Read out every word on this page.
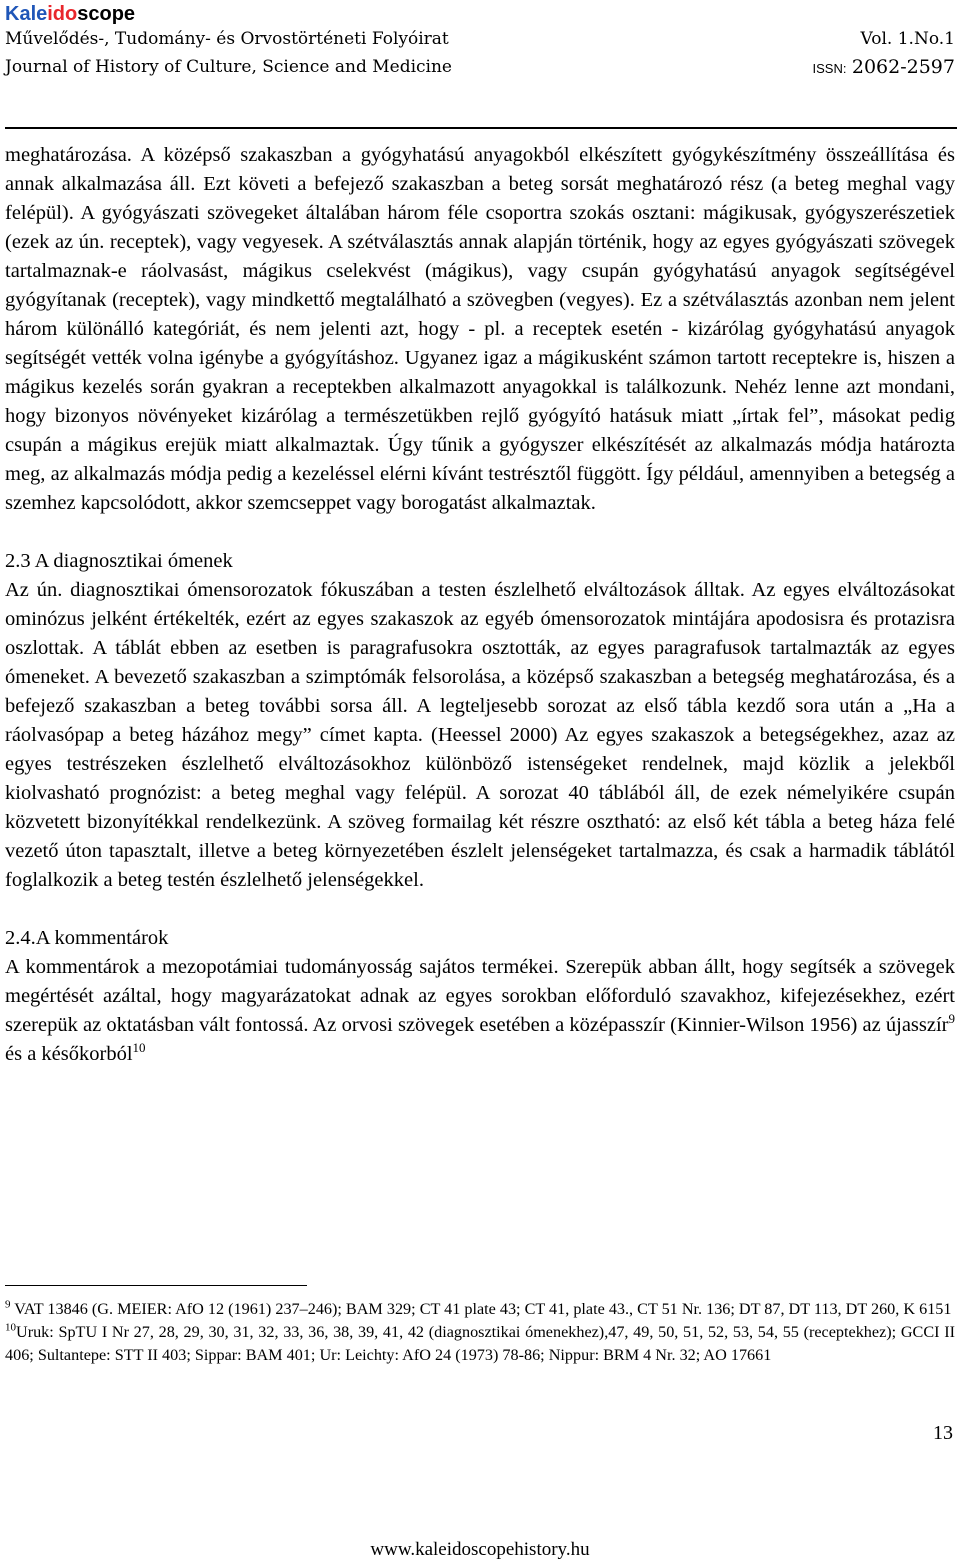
Kaleidoscope
Művelődés-, Tudomány- és Orvostörténeti Folyóirat	Vol. 1.No.1
Journal of History of Culture, Science and Medicine	ISSN: 2062-2597

meghatározása. A középső szakaszban a gyógyhatású anyagokból elkészített gyógykészítmény összeállítása és annak alkalmazása áll. Ezt követi a befejező szakaszban a beteg sorsát meghatározó rész (a beteg meghal vagy felépül). A gyógyászati szövegeket általában három féle csoportra szokás osztani: mágikusak, gyógyszerészetiek (ezek az ún. receptek), vagy vegyesek. A szétválasztás annak alapján történik, hogy az egyes gyógyászati szövegek tartalmaznak-e ráolvasást, mágikus cselekvést (mágikus), vagy csupán gyógyhatású anyagok segítségével gyógyítanak (receptek), vagy mindkettő megtalálható a szövegben (vegyes). Ez a szétválasztás azonban nem jelent három különálló kategóriát, és nem jelenti azt, hogy - pl. a receptek esetén - kizárólag gyógyhatású anyagok segítségét vették volna igénybe a gyógyításhoz. Ugyanez igaz a mágikusként számon tartott receptekre is, hiszen a mágikus kezelés során gyakran a receptekben alkalmazott anyagokkal is találkozunk. Nehéz lenne azt mondani, hogy bizonyos növényeket kizárólag a természetükben rejlő gyógyító hatásuk miatt „írtak fel”, másokat pedig csupán a mágikus erejük miatt alkalmaztak. Úgy tűnik a gyógyszer elkészítését az alkalmazás módja határozta meg, az alkalmazás módja pedig a kezeléssel elérni kívánt testrésztől függött. Így például, amennyiben a betegség a szemhez kapcsolódott, akkor szemcseppet vagy borogatást alkalmaztak.

2.3 A diagnosztikai ómenek

Az ún. diagnosztikai ómensorozatok fókuszában a testen észlelhető elváltozások álltak. Az egyes elváltozásokat ominózus jelként értékelték, ezért az egyes szakaszok az egyéb ómensorozatok mintájára apodosisra és protazisra oszlottak. A táblát ebben az esetben is paragrafusokra osztották, az egyes paragrafusok tartalmazták az egyes ómeneket. A bevezető szakaszban a szimptómák felsorolása, a középső szakaszban a betegség meghatározása, és a befejező szakaszban a beteg további sorsa áll. A legteljesebb sorozat az első tábla kezdő sora után a „Ha a ráolvasópap a beteg házához megy” címet kapta. (Heessel 2000) Az egyes szakaszok a betegségekhez, azaz az egyes testrészeken észlelhető elváltozásokhoz különböző istenségeket rendelnek, majd közlik a jelekből kiolvasható prognózist: a beteg meghal vagy felépül. A sorozat 40 táblából áll, de ezek némelyikére csupán közvetett bizonyítékkal rendelkezünk. A szöveg formailag két részre osztható: az első két tábla a beteg háza felé vezető úton tapasztalt, illetve a beteg környezetében észlelt jelenségeket tartalmazza, és csak a harmadik táblától foglalkozik a beteg testén észlelhető jelenségekkel.

2.4.A kommentárok

A kommentárok a mezopotámiai tudományosság sajátos termékei. Szerepük abban állt, hogy segítsék a szövegek megértését azáltal, hogy magyarázatokat adnak az egyes sorokban előforduló szavakhoz, kifejezésekhez, ezért szerepük az oktatásban vált fontossá. Az orvosi szövegek esetében a középasszír (Kinnier-Wilson 1956) az újasszír$^9$ és a későkorból$^{10}$

$^9$ VAT 13846 (G. MEIER: AfO 12 (1961) 237–246); BAM 329; CT 41 plate 43; CT 41, plate 43., CT 51 Nr. 136; DT 87, DT 113, DT 260, K 6151

$^{10}$Uruk: SpTU I Nr 27, 28, 29, 30, 31, 32, 33, 36, 38, 39, 41, 42 (diagnosztikai ómenekhez),47, 49, 50, 51, 52, 53, 54, 55 (receptekhez); GCCI II 406; Sultantepe: STT II 403; Sippar: BAM 401; Ur: Leichty: AfO 24 (1973) 78-86; Nippur: BRM 4 Nr. 32; AO 17661

13
www.kaleidoscopehistory.hu
